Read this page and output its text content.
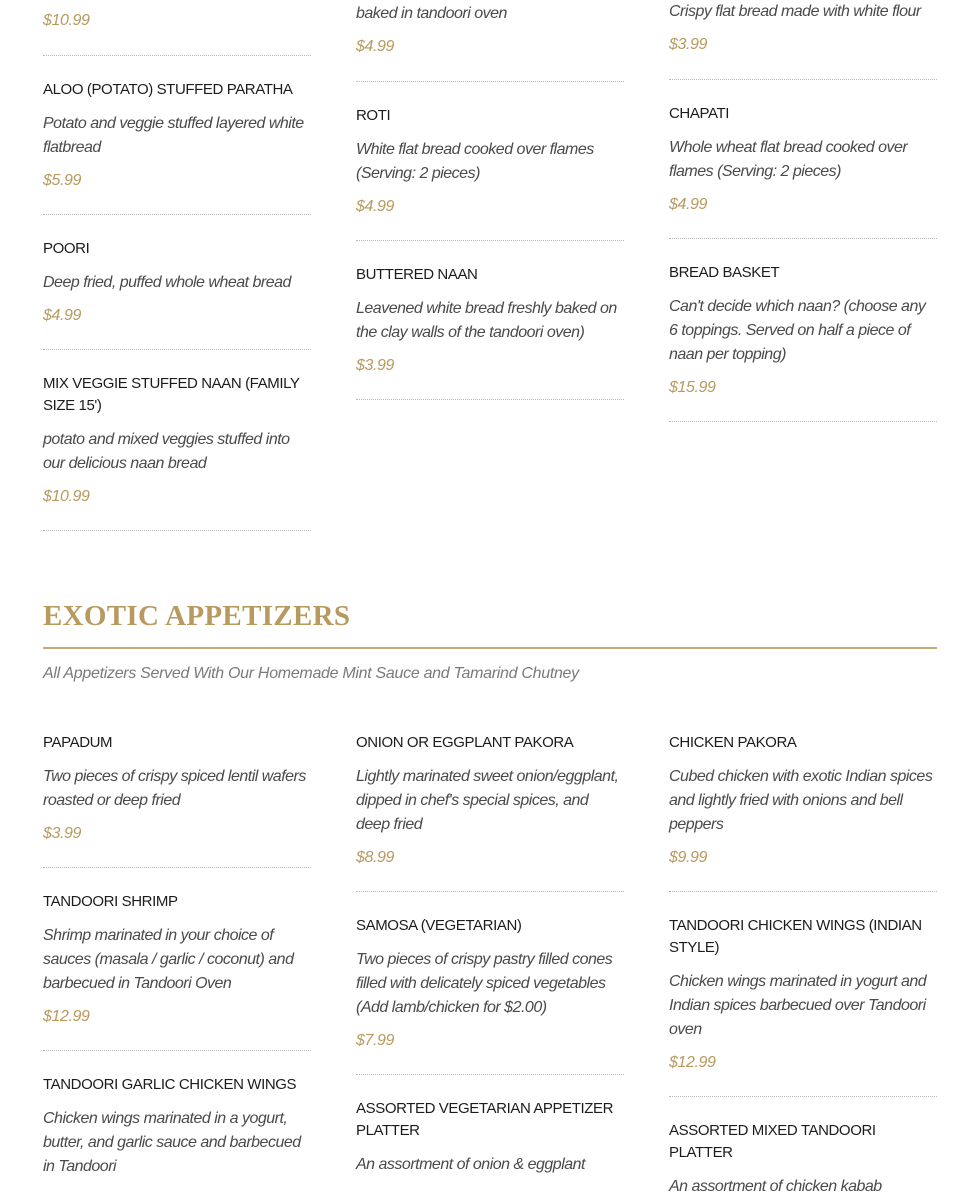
$10.99
ALOO (POTATO) STUFFED PARATHA
Potato and veggie stuffed layered white flatbread
$5.99
POORI
Deep fried, puffed whole wheat bread
$4.99
MIX VEGGIE STUFFED NAAN (FAMILY SIZE 15')
potato and mixed veggies stuffed into our delicious naan bread
$10.99
baked in tandoori oven
$4.99
ROTI
White flat bread cooked over flames (Serving: 2 pieces)
$4.99
BUTTERED NAAN
Leavened white bread freshly baked on the clay walls of the tandoori oven)
$3.99
Crispy flat bread made with white flour
$3.99
CHAPATI
Whole wheat flat bread cooked over flames (Serving: 2 pieces)
$4.99
BREAD BASKET
Can't decide which naan? (choose any 6 toppings. Served on half a piece of naan per topping)
$15.99
EXOTIC APPETIZERS
All Appetizers Served With Our Homemade Mint Sauce and Tamarind Chutney
PAPADUM
Two pieces of crispy spiced lentil wafers roasted or deep fried
$3.99
TANDOORI SHRIMP
Shrimp marinated in your choice of sauces (masala / garlic / coconut) and barbecued in Tandoori Oven
$12.99
TANDOORI GARLIC CHICKEN WINGS
Chicken wings marinated in a yogurt, butter, and garlic sauce and barbecued in Tandoori
ONION OR EGGPLANT PAKORA
Lightly marinated sweet onion/eggplant, dipped in chef's special spices, and deep fried
$8.99
SAMOSA (VEGETARIAN)
Two pieces of crispy pastry filled cones filled with delicately spiced vegetables (Add lamb/chicken for $2.00)
$7.99
ASSORTED VEGETARIAN APPETIZER PLATTER
An assortment of onion & eggplant
CHICKEN PAKORA
Cubed chicken with exotic Indian spices and lightly fried with onions and bell peppers
$9.99
TANDOORI CHICKEN WINGS (INDIAN STYLE)
Chicken wings marinated in yogurt and Indian spices barbecued over Tandoori oven
$12.99
ASSORTED MIXED TANDOORI PLATTER
An assortment of chicken kabab
